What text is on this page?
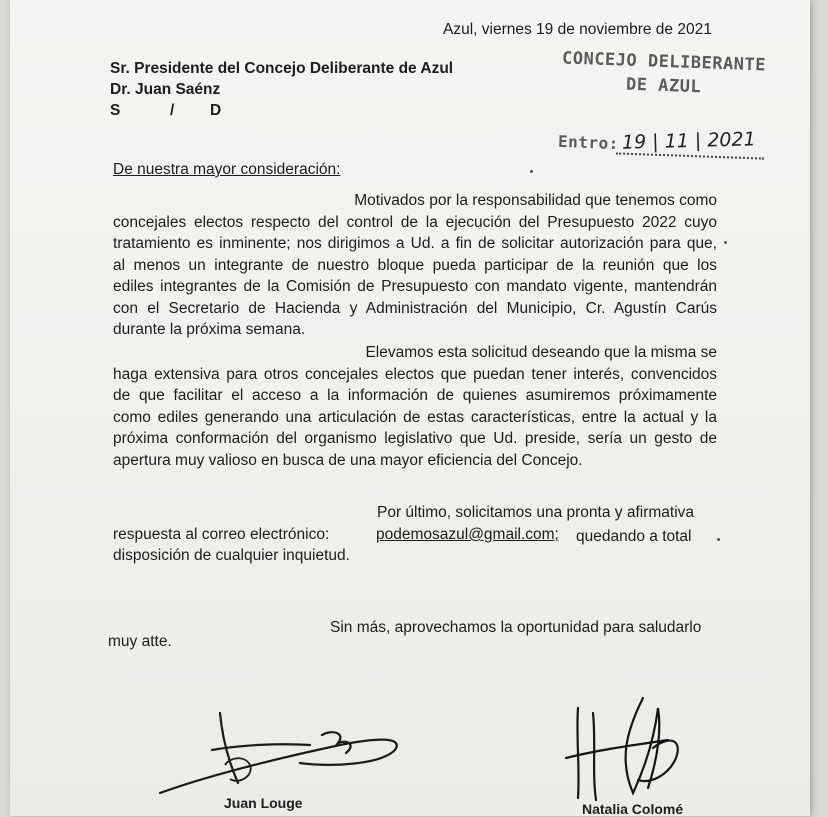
Azul, viernes 19 de noviembre de 2021
Sr. Presidente del Concejo Deliberante de Azul
Dr. Juan Saénz
S	/ D
CONCEJO DELIBERANTE
DE AZUL
Entro: 19 | 11 | 2021
De nuestra mayor consideración:
Motivados por la responsabilidad que tenemos como
concejales electos respecto del control de la ejecución del Presupuesto 2022 cuyo
tratamiento es inminente; nos dirigimos a Ud. a fin de solicitar autorización para que,
al menos un integrante de nuestro bloque pueda participar de la reunión que los
ediles integrantes de la Comisión de Presupuesto con mandato vigente, mantendrán
con el Secretario de Hacienda y Administración del Municipio, Cr. Agustín Carús
durante la próxima semana.
Elevamos esta solicitud deseando que la misma se
haga extensiva para otros concejales electos que puedan tener interés, convencidos
de que facilitar el acceso a la información de quienes asumiremos próximamente
como ediles generando una articulación de estas características, entre la actual y la
próxima conformación del organismo legislativo que Ud. preside, sería un gesto de
apertura muy valioso en busca de una mayor eficiencia del Concejo.
Por último, solicitamos una pronta y afirmativa
respuesta al correo electrónico:	podemosazul@gmail.com; quedando a total
disposición de cualquier inquietud.
Sin más, aprovechamos la oportunidad para saludarlo
muy atte.
Juan Louge	Natalia Colomé
